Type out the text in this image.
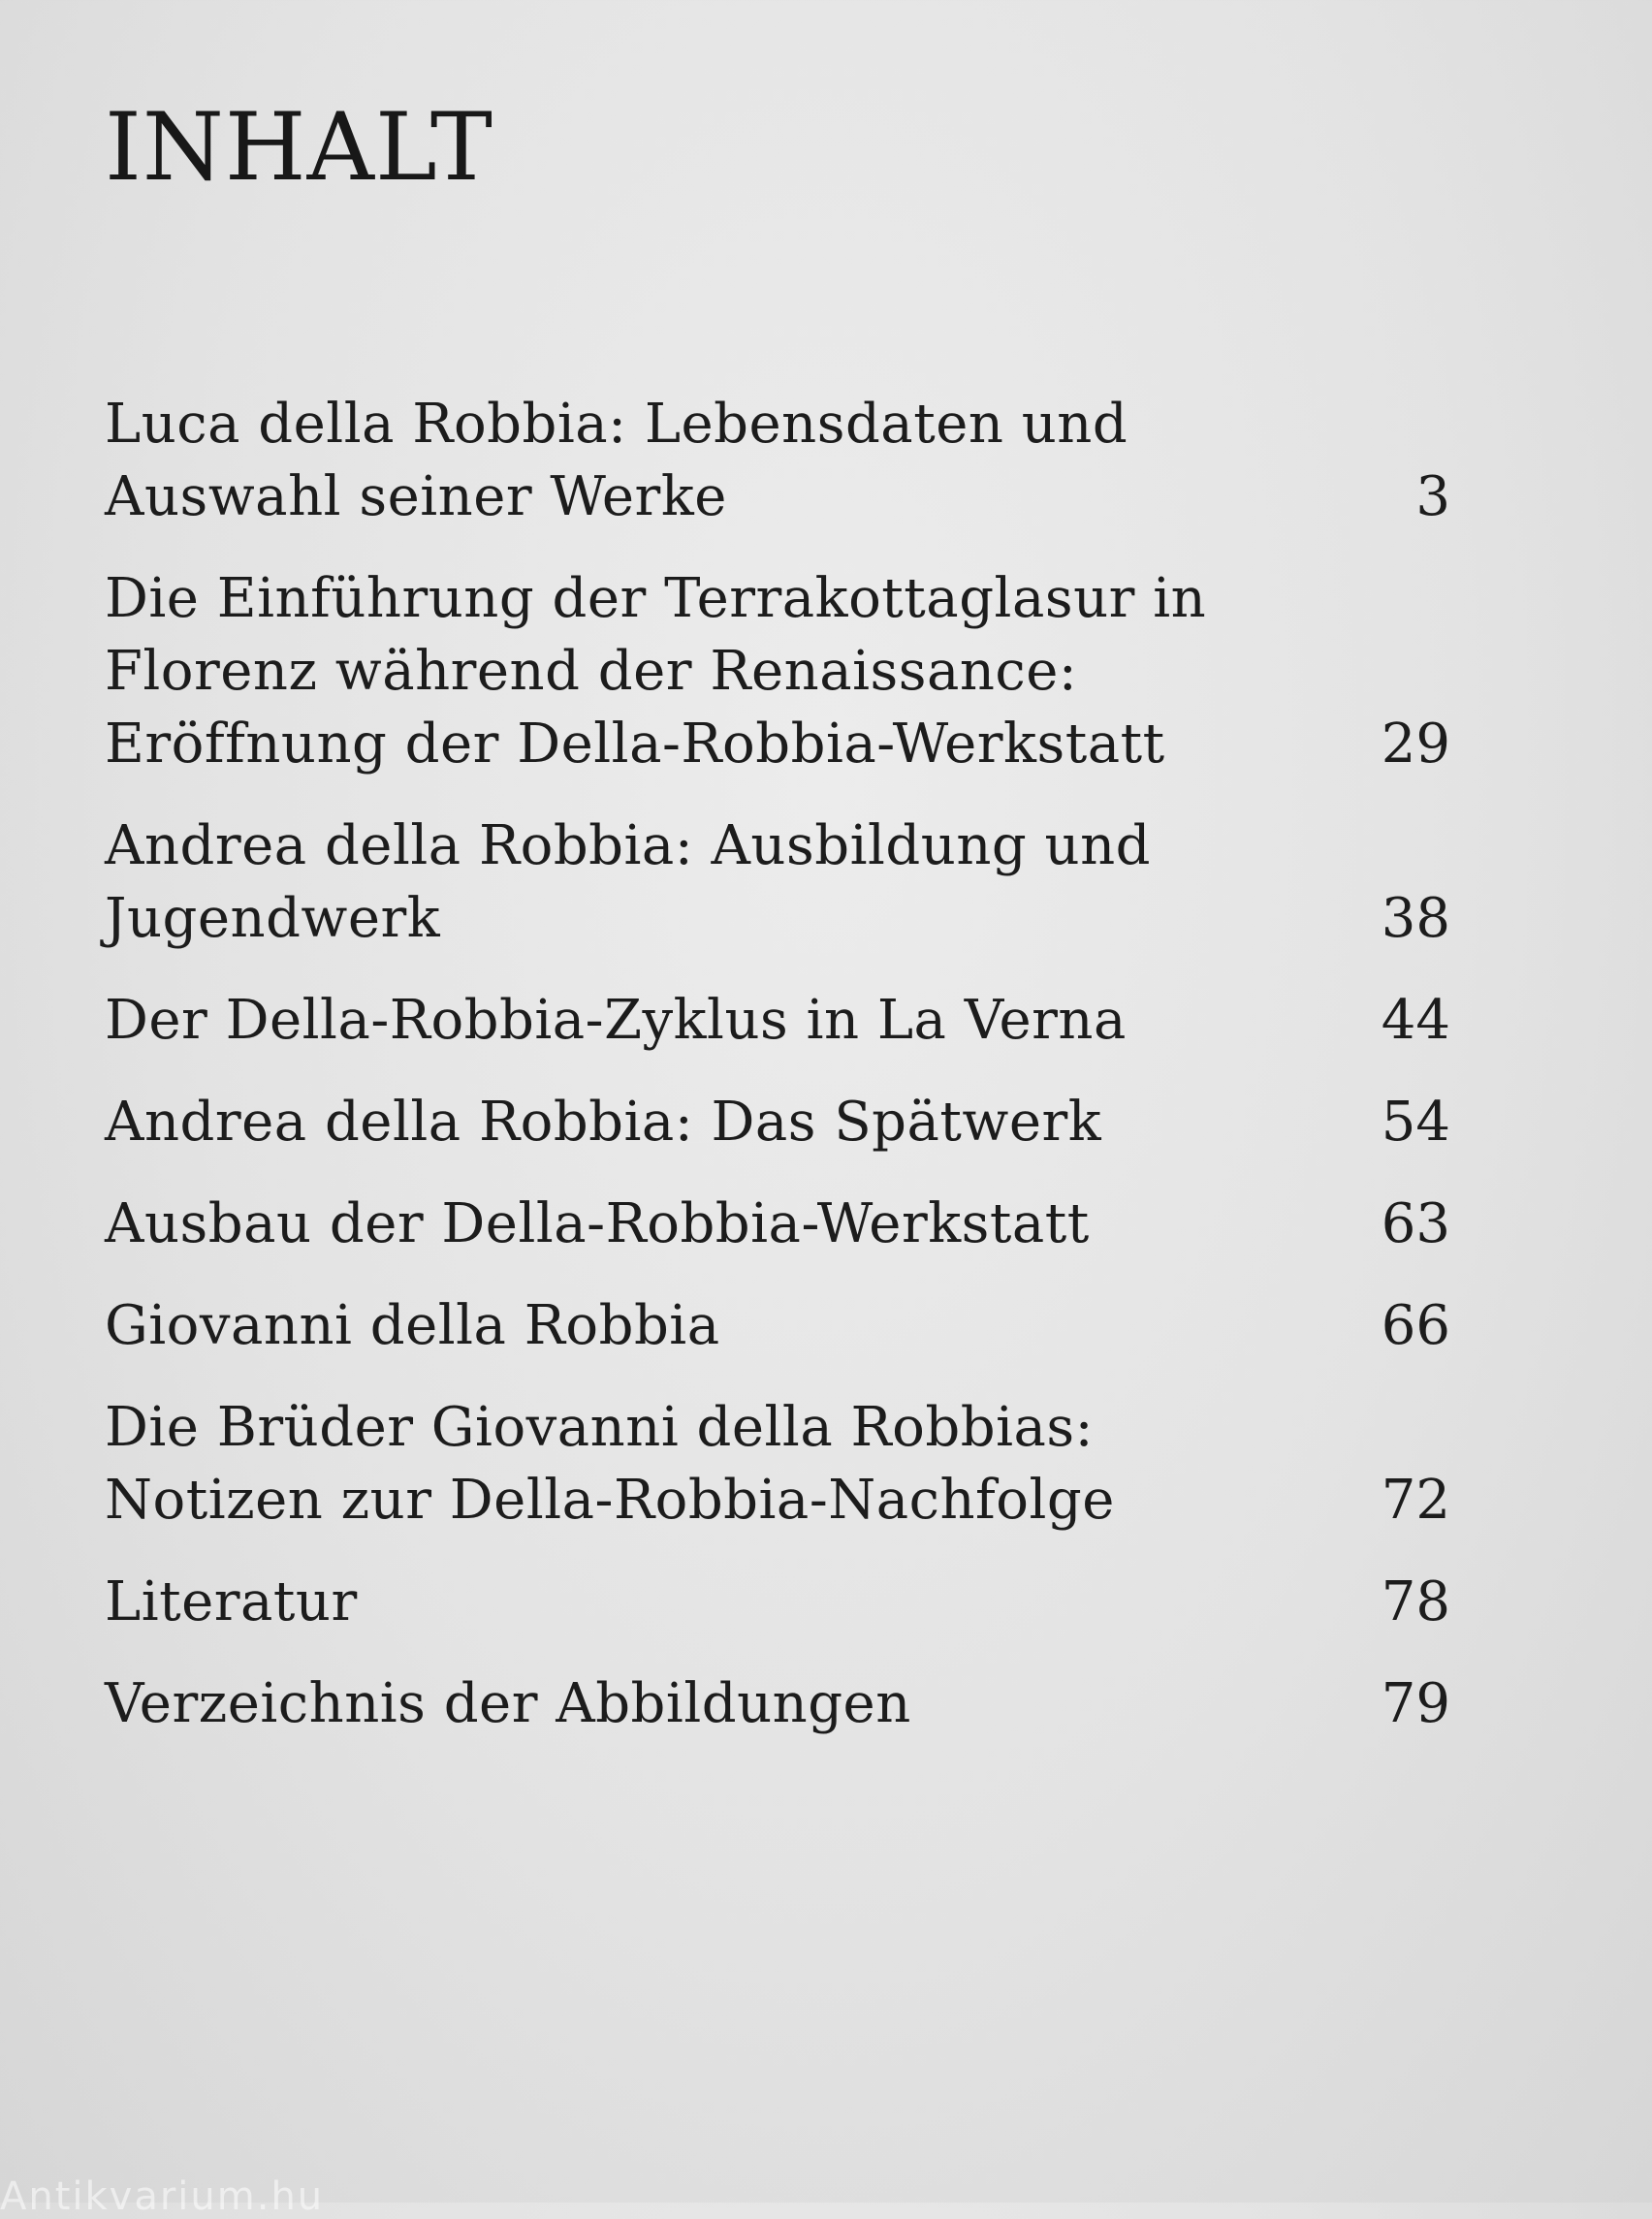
INHALT
Luca della Robbia: Lebensdaten und
Auswahl seiner Werke	3
Die Einführung der Terrakottaglasur in
Florenz während der Renaissance:
Eröffnung der Della-Robbia-Werkstatt	29
Andrea della Robbia: Ausbildung und
Jugendwerk	38
Der Della-Robbia-Zyklus in La Verna	44
Andrea della Robbia: Das Spätwerk	54
Ausbau der Della-Robbia-Werkstatt	63
Giovanni della Robbia	66
Die Brüder Giovanni della Robbias:
Notizen zur Della-Robbia-Nachfolge	72
Literatur	78
Verzeichnis der Abbildungen	79
Antikvarium.hu
